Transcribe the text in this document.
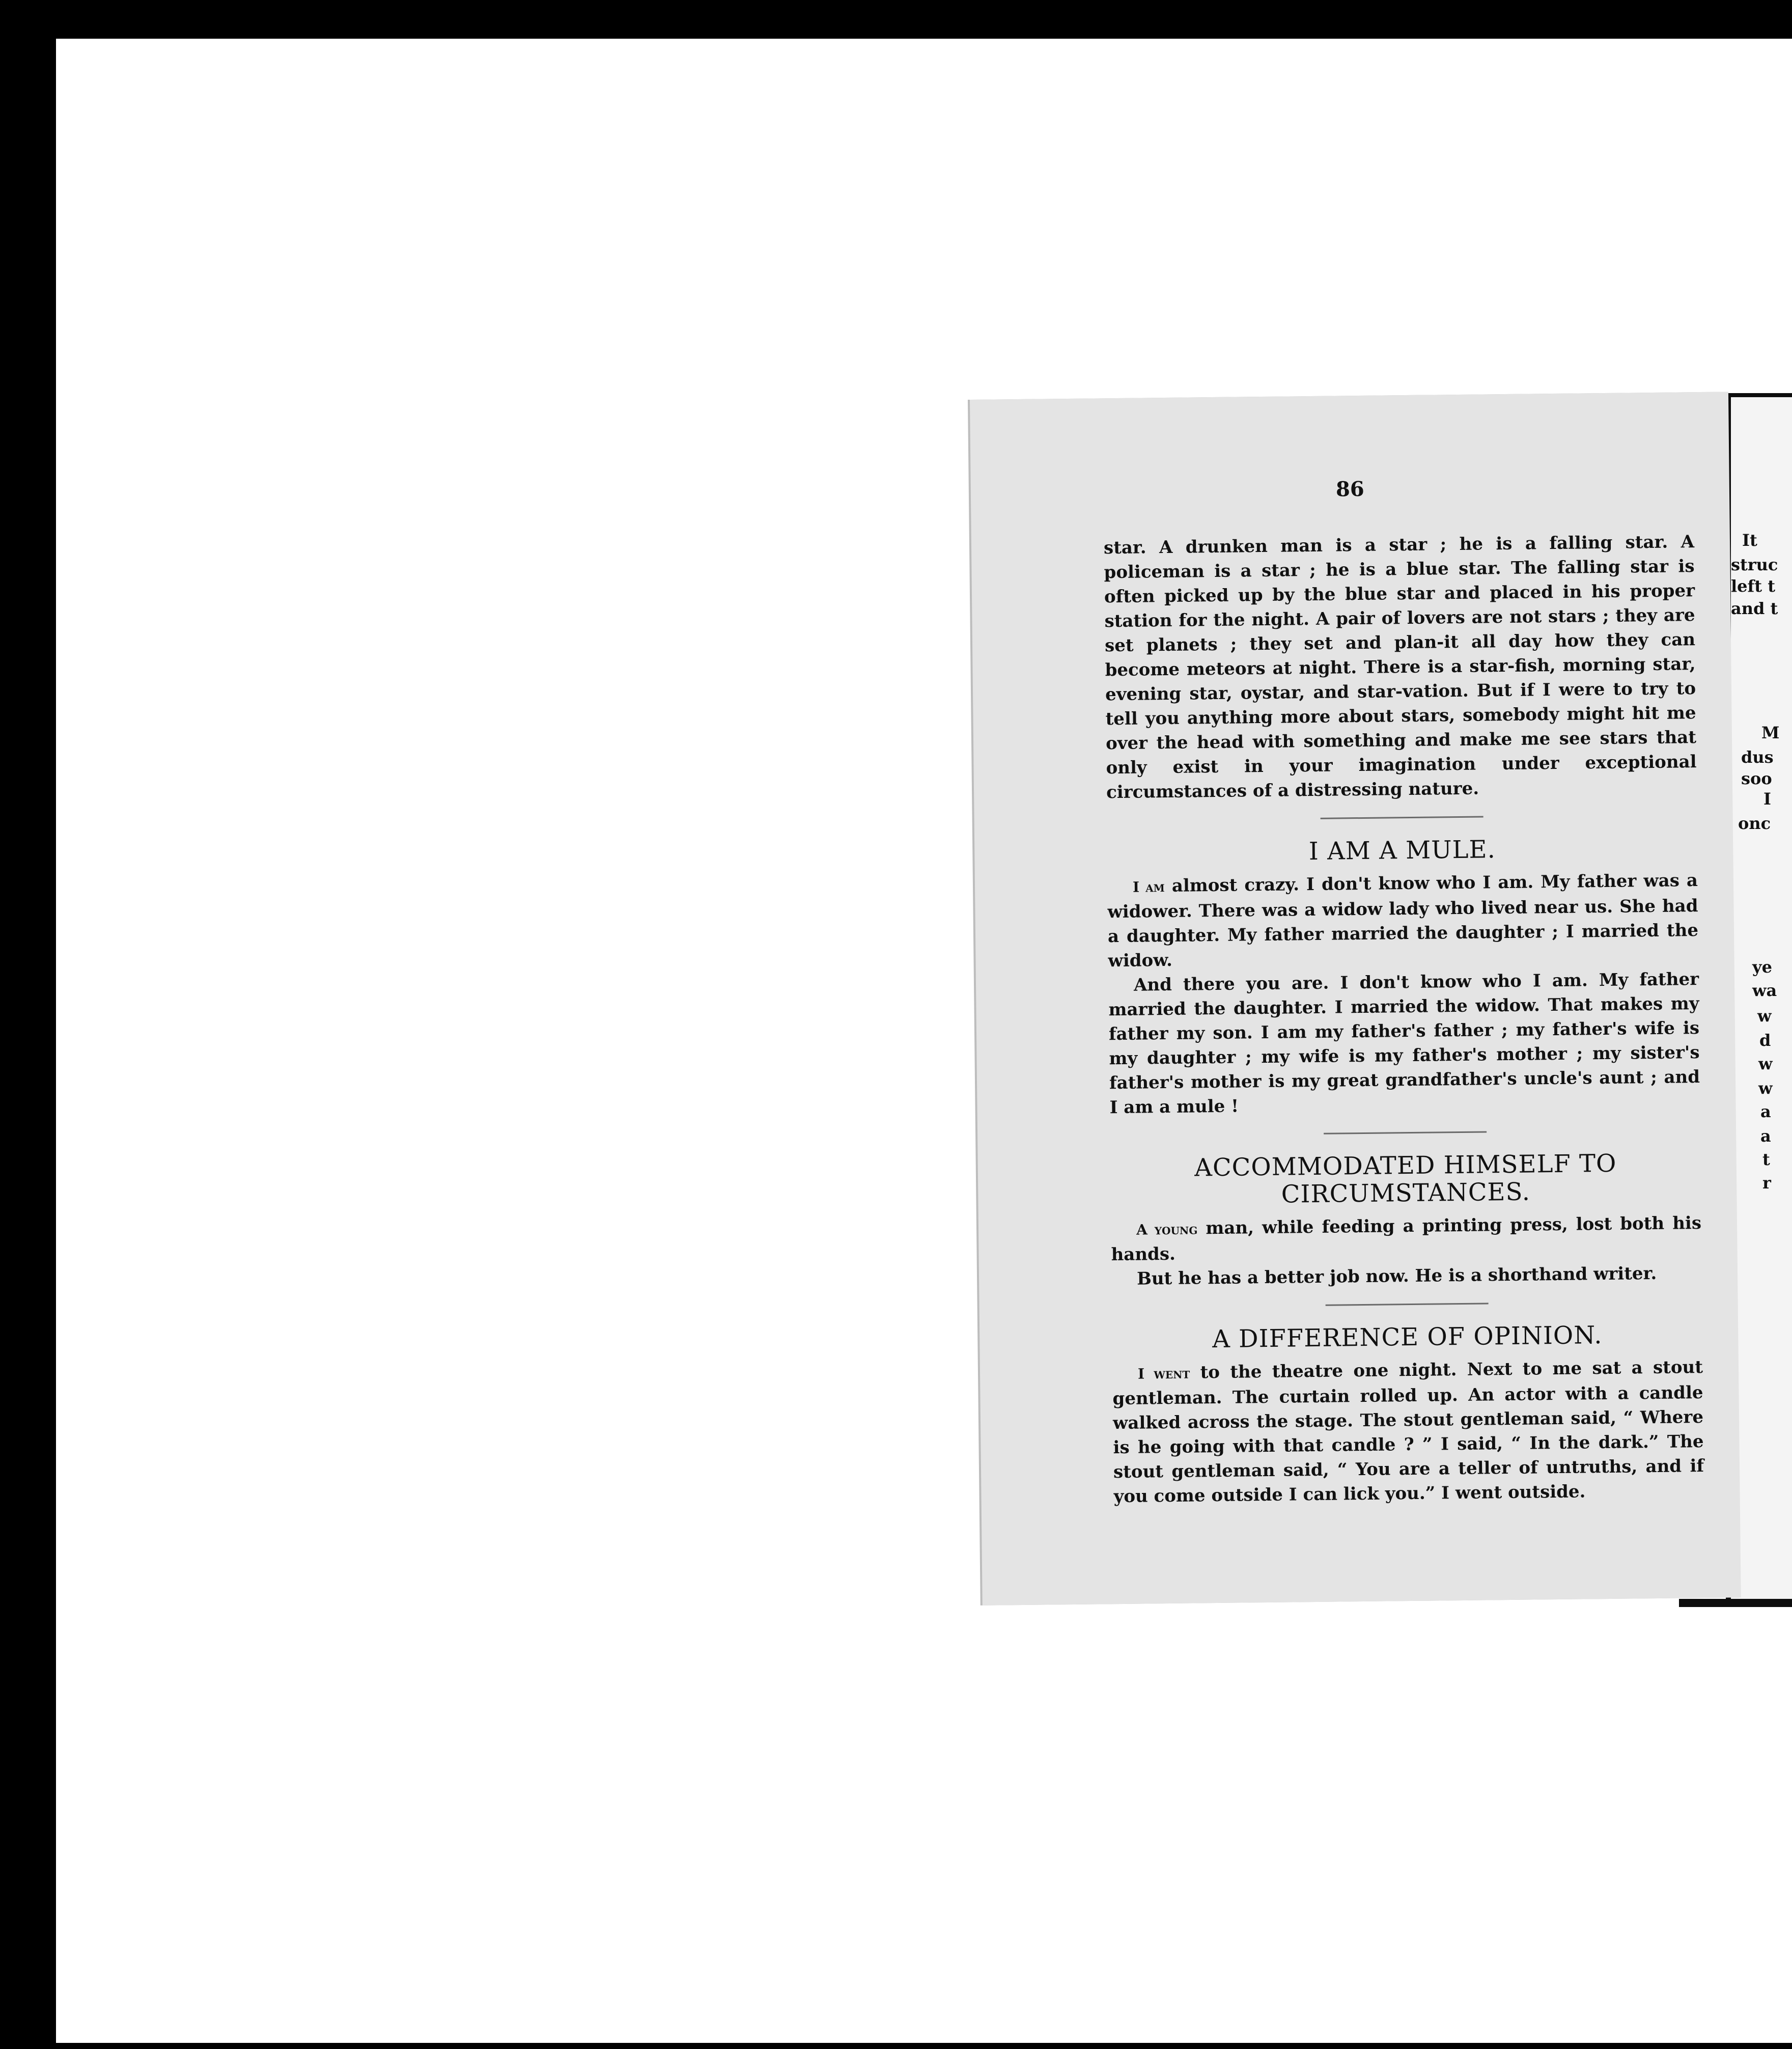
It
struc
left t
and t
M
dus
soo
I
onc
ye
wa
w
d
w
w
a
a
t
r
86

star. A drunken man is a star ; he is a falling star. A policeman is a star ; he is a blue star. The falling star is often picked up by the blue star and placed in his proper station for the night. A pair of lovers are not stars ; they are set planets ; they set and plan-it all day how they can become meteors at night. There is a star-fish, morning star, evening star, oystar, and star-vation. But if I were to try to tell you anything more about stars, somebody might hit me over the head with something and make me see stars that only exist in your imagination under exceptional circumstances of a distressing nature.

I AM A MULE.

I am almost crazy. I don't know who I am. My father was a widower. There was a widow lady who lived near us. She had a daughter. My father married the daughter ; I married the widow.

And there you are. I don't know who I am. My father married the daughter. I married the widow. That makes my father my son. I am my father's father ; my father's wife is my daughter ; my wife is my father's mother ; my sister's father's mother is my great grandfather's uncle's aunt ; and I am a mule !

ACCOMMODATED HIMSELF TO

CIRCUMSTANCES.

A young man, while feeding a printing press, lost both his hands.

But he has a better job now. He is a shorthand writer.

A DIFFERENCE OF OPINION.

I went to the theatre one night. Next to me sat a stout gentleman. The curtain rolled up. An actor with a candle walked across the stage. The stout gentleman said, “ Where is he going with that candle ? ” I said, “ In the dark.” The stout gentleman said, “ You are a teller of untruths, and if you come outside I can lick you.” I went outside.
